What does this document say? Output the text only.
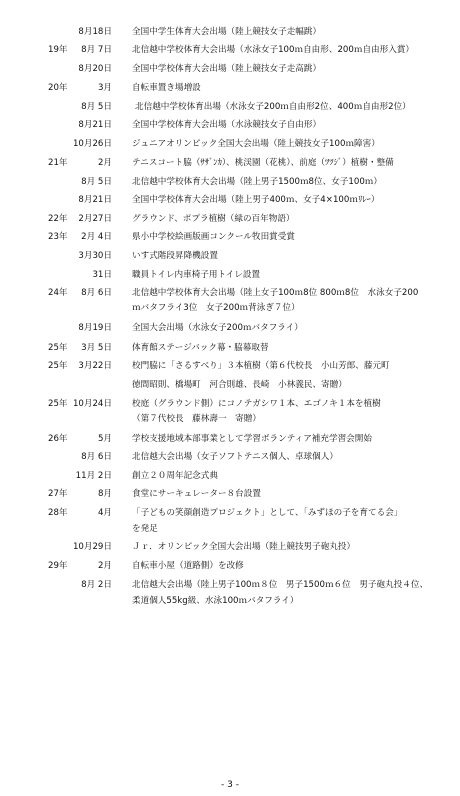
8月18日 全国中学生体育大会出場（陸上競技女子走幅跳）
19年	8月 7日 北信越中学校体育大会出場（水泳女子100ｍ自由形、200ｍ自由形入賞）
8月20日 全国中学校体育大会出場（陸上競技女子走高跳）
20年	3月 自転車置き場増設
8月 5日	北信越中学校体育出場（水泳女子200ｍ自由形2位、400ｍ自由形2位）
8月21日 全国中学校体育大会出場（水泳競技女子自由形）
10月26日 ジュニアオリンピック全国大会出場（陸上競技女子100ｍ障害）
21年	2月 テニスコート脇（ｻｻﾞﾝｶ）、桃渓園（花桃）、前庭（ﾂﾂｼﾞ）植樹・整備
8月 5日 北信越中学校体育大会出場（陸上男子1500ｍ8位、女子100ｍ）
8月21日 全国中学校体育大会出場（陸上男子400ｍ、女子4×100ｍﾘﾚｰ）
22年	2月27日 グラウンド、ポプラ植樹（緑の百年物語）
23年	2月 4日 県小中学校絵画版画コンクール牧田賞受賞
3月30日 いす式階段昇降機設置
31日 職員トイレ内車椅子用トイレ設置
24年	8月 6日 北信越中学校体育大会出場（陸上女子100ｍ8位 800ｍ8位　水泳女子200
ｍバタフライ3位　女子200ｍ背泳ぎ７位）
8月19日 全国大会出場（水泳女子200ｍバタフライ）
25年	3月 5日 体育館ステージバック幕・脇幕取替
25年	3月22日 校門脇に「さるすべり」３本植樹（第６代校長　小山芳郎、藤元町
徳間昭則、橋場町　河合則雄、長崎　小林義民、寄贈）
25年 10月24日 校庭（グラウンド側）にコノテガシワ１本、エゴノキ１本を植樹
（第７代校長　藤林壽一　寄贈）
26年	5月 学校支援地域本部事業として学習ボランティア補充学習会開始
8月 6日 北信越大会出場（女子ソフトテニス個人、卓球個人）
11月 2日 創立２０周年記念式典
27年	8月 食堂にサーキュレーター８台設置
28年	4月 「子どもの笑顔創造プロジェクト」として、「みずほの子を育てる会」
を発足
10月29日 Ｊｒ．オリンピック全国大会出場（陸上競技男子砲丸投）
29年	2月 自転車小屋（道路側）を改修
8月 2日 北信越大会出場（陸上男子100ｍ８位　男子1500ｍ６位　男子砲丸投４位、
柔道個人55kg級、水泳100ｍバタフライ）
- 3 -
